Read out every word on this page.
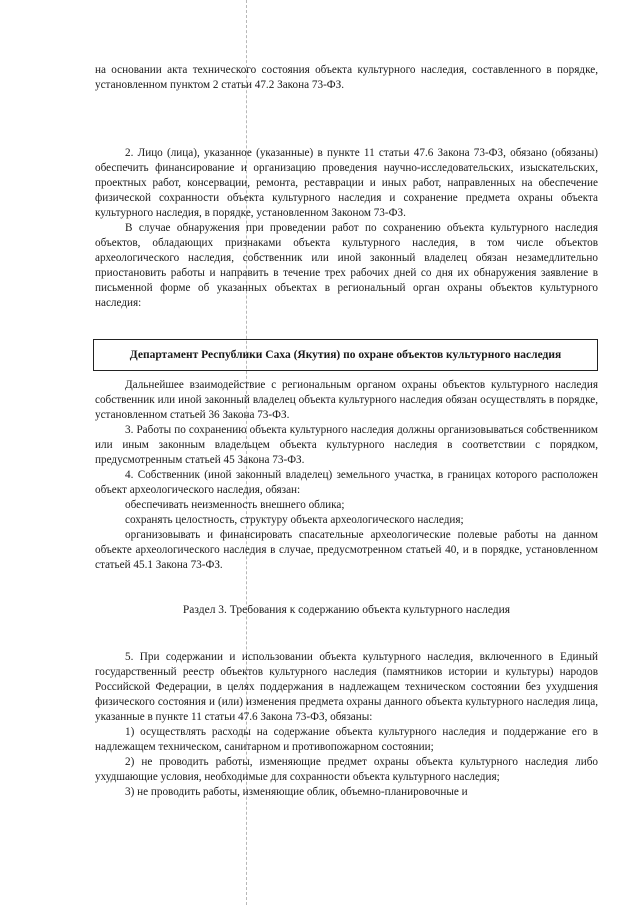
на основании акта технического состояния объекта культурного наследия, составленного в порядке, установленном пунктом 2 статьи 47.2 Закона 73-ФЗ.

2. Лицо (лица), указанное (указанные) в пункте 11 статьи 47.6 Закона 73-ФЗ, обязано (обязаны) обеспечить финансирование и организацию проведения научно-исследовательских, изыскательских, проектных работ, консервации, ремонта, реставрации и иных работ, направленных на обеспечение физической сохранности объекта культурного наследия и сохранение предмета охраны объекта культурного наследия, в порядке, установленном Законом 73-ФЗ.

В случае обнаружения при проведении работ по сохранению объекта культурного наследия объектов, обладающих признаками объекта культурного наследия, в том числе объектов археологического наследия, собственник или иной законный владелец обязан незамедлительно приостановить работы и направить в течение трех рабочих дней со дня их обнаружения заявление в письменной форме об указанных объектах в региональный орган охраны объектов культурного наследия:

Департамент Республики Саха (Якутия) по охране объектов культурного наследия

Дальнейшее взаимодействие с региональным органом охраны объектов культурного наследия собственник или иной законный владелец объекта культурного наследия обязан осуществлять в порядке, установленном статьей 36 Закона 73-ФЗ.

3. Работы по сохранению объекта культурного наследия должны организовываться собственником или иным законным владельцем объекта культурного наследия в соответствии с порядком, предусмотренным статьей 45 Закона 73-ФЗ.

4. Собственник (иной законный владелец) земельного участка, в границах которого расположен объект археологического наследия, обязан:

обеспечивать неизменность внешнего облика;

сохранять целостность, структуру объекта археологического наследия;

организовывать и финансировать спасательные археологические полевые работы на данном объекте археологического наследия в случае, предусмотренном статьей 40, и в порядке, установленном статьей 45.1 Закона 73-ФЗ.

Раздел 3. Требования к содержанию объекта культурного наследия

5. При содержании и использовании объекта культурного наследия, включенного в Единый государственный реестр объектов культурного наследия (памятников истории и культуры) народов Российской Федерации, в целях поддержания в надлежащем техническом состоянии без ухудшения физического состояния и (или) изменения предмета охраны данного объекта культурного наследия лица, указанные в пункте 11 статьи 47.6 Закона 73-ФЗ, обязаны:

1) осуществлять расходы на содержание объекта культурного наследия и поддержание его в надлежащем техническом, санитарном и противопожарном состоянии;

2) не проводить работы, изменяющие предмет охраны объекта культурного наследия либо ухудшающие условия, необходимые для сохранности объекта культурного наследия;

3) не проводить работы, изменяющие облик, объемно-планировочные и
